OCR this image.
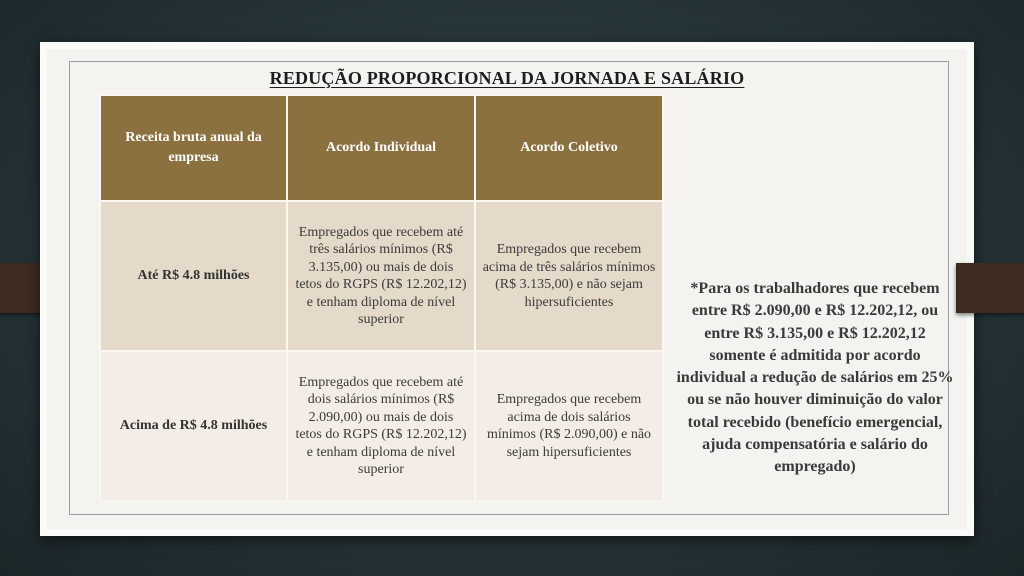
REDUÇÃO PROPORCIONAL DA JORNADA E SALÁRIO
Receita bruta anual da empresa	Acordo Individual	Acordo Coletivo
Até R$ 4.8 milhões	Empregados que recebem até três salários mínimos (R$ 3.135,00) ou mais de dois tetos do RGPS (R$ 12.202,12) e tenham diploma de nível superior	Empregados que recebem acima de três salários mínimos (R$ 3.135,00) e não sejam hipersuficientes
Acima de R$ 4.8 milhões	Empregados que recebem até dois salários mínimos (R$ 2.090,00) ou mais de dois tetos do RGPS (R$ 12.202,12) e tenham diploma de nível superior	Empregados que recebem acima de dois salários mínimos (R$ 2.090,00) e não sejam hipersuficientes
*Para os trabalhadores que recebem entre R$ 2.090,00 e R$ 12.202,12, ou entre R$ 3.135,00 e R$ 12.202,12 somente é admitida por acordo individual a redução de salários em 25% ou se não houver diminuição do valor total recebido (benefício emergencial, ajuda compensatória e salário do empregado)
